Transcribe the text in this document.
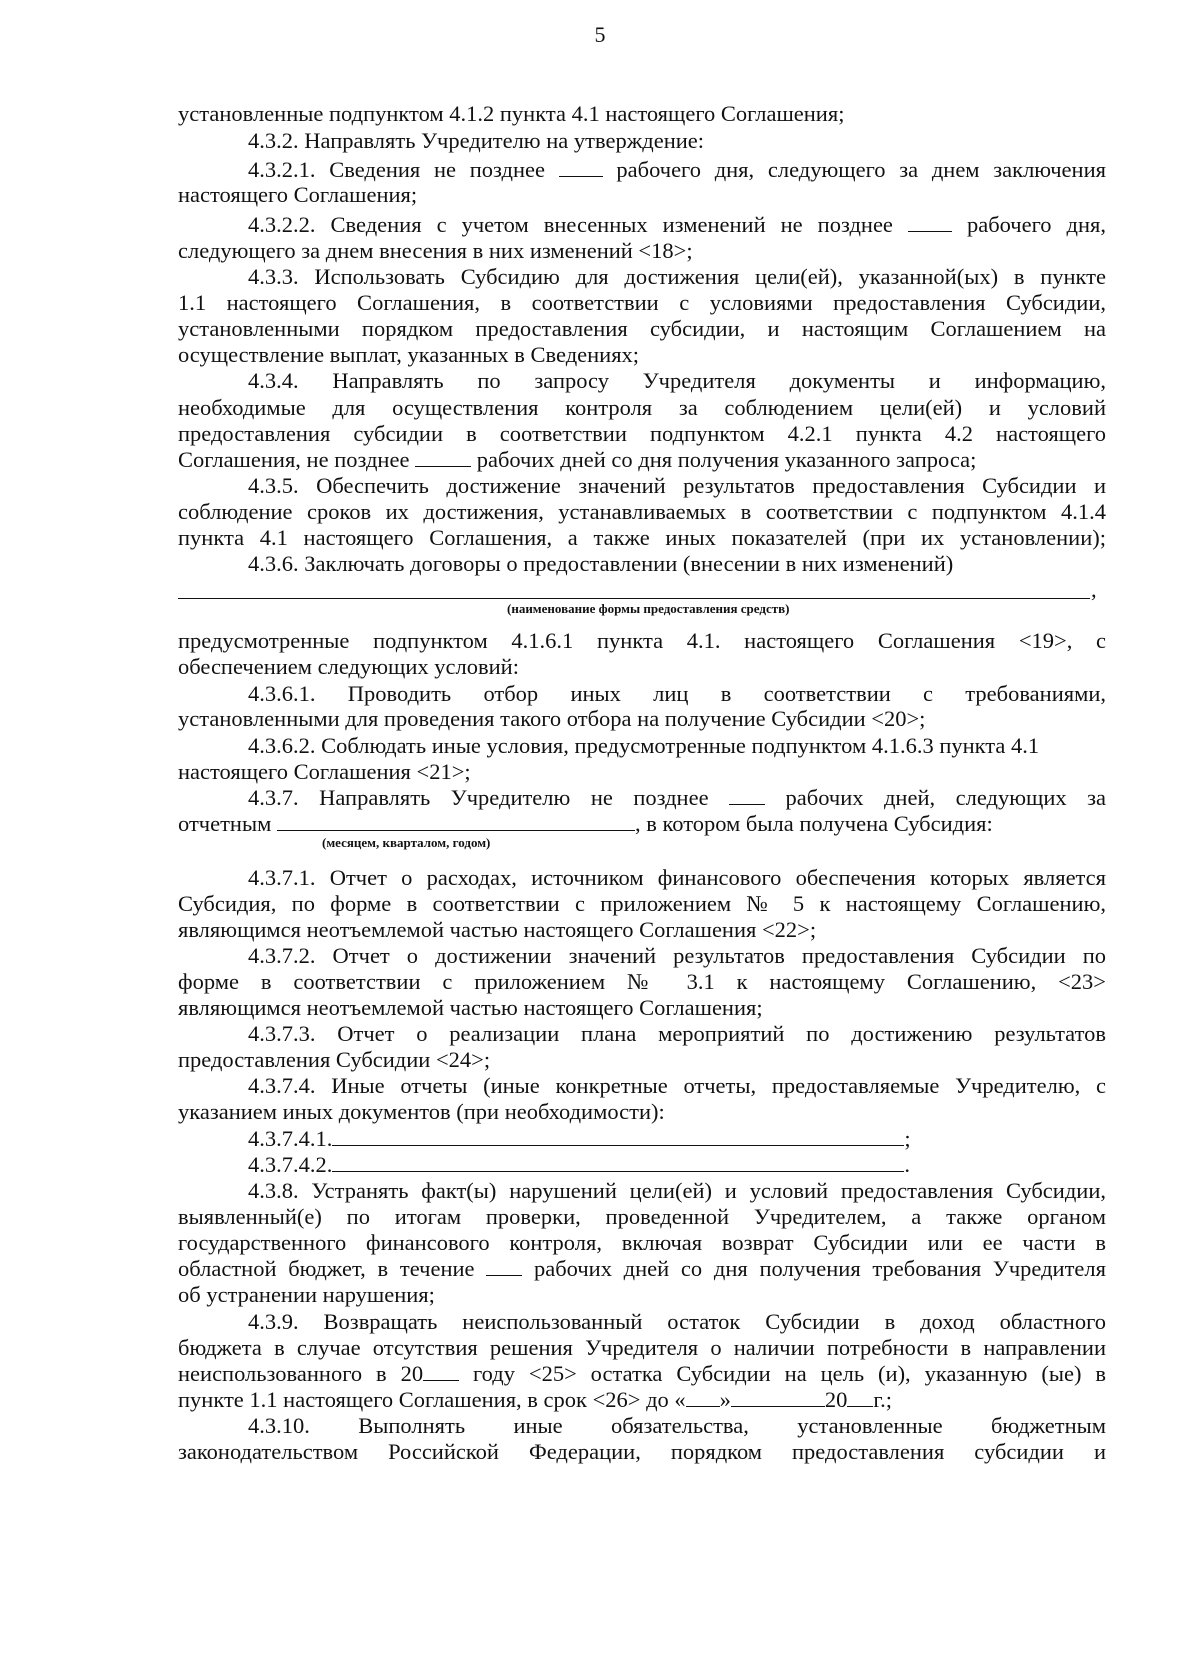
5
установленные подпунктом 4.1.2 пункта 4.1 настоящего Соглашения;
4.3.2. Направлять Учредителю на утверждение:
4.3.2.1. Сведения не позднее	рабочего дня, следующего за днем заключения
настоящего Соглашения;
4.3.2.2. Сведения с учетом внесенных изменений не позднее	рабочего дня,
следующего за днем внесения в них изменений <18>;
4.3.3. Использовать Субсидию для достижения цели(ей), указанной(ых) в пункте
1.1 настоящего Соглашения, в соответствии с условиями предоставления Субсидии,
установленными порядком предоставления субсидии, и настоящим Соглашением на
осуществление выплат, указанных в Сведениях;
4.3.4. Направлять по запросу Учредителя документы и информацию,
необходимые для осуществления контроля за соблюдением цели(ей) и условий
предоставления субсидии в соответствии подпунктом 4.2.1 пункта 4.2 настоящего
Соглашения, не позднее	рабочих дней со дня получения указанного запроса;
4.3.5. Обеспечить достижение значений результатов предоставления Субсидии и
соблюдение сроков их достижения, устанавливаемых в соответствии с подпунктом 4.1.4
пункта 4.1 настоящего Соглашения, а также иных показателей (при их установлении);
4.3.6. Заключать договоры о предоставлении (внесении в них изменений)
,
(наименование формы предоставления средств)
предусмотренные подпунктом 4.1.6.1 пункта 4.1. настоящего Соглашения <19>, с
обеспечением следующих условий:
4.3.6.1. Проводить отбор иных лиц в соответствии с требованиями,
установленными для проведения такого отбора на получение Субсидии <20>;
4.3.6.2. Соблюдать иные условия, предусмотренные подпунктом 4.1.6.3 пункта 4.1
настоящего Соглашения <21>;
4.3.7. Направлять Учредителю не позднее	рабочих дней, следующих за
отчетным	, в котором была получена Субсидия:
(месяцем, кварталом, годом)
4.3.7.1. Отчет о расходах, источником финансового обеспечения которых является
Субсидия, по форме в соответствии с приложением № 5 к настоящему Соглашению,
являющимся неотъемлемой частью настоящего Соглашения <22>;
4.3.7.2. Отчет о достижении значений результатов предоставления Субсидии по
форме в соответствии с приложением № 3.1 к настоящему Соглашению, <23>
являющимся неотъемлемой частью настоящего Соглашения;
4.3.7.3. Отчет о реализации плана мероприятий по достижению результатов
предоставления Субсидии <24>;
4.3.7.4. Иные отчеты (иные конкретные отчеты, предоставляемые Учредителю, с
указанием иных документов (при необходимости):
4.3.7.4.1.	;
4.3.7.4.2.	.
4.3.8. Устранять факт(ы) нарушений цели(ей) и условий предоставления Субсидии,
выявленный(е) по итогам проверки, проведенной Учредителем, а также органом
государственного финансового контроля, включая возврат Субсидии или ее части в
областной бюджет, в течение	рабочих дней со дня получения требования Учредителя
об устранении нарушения;
4.3.9. Возвращать неиспользованный остаток Субсидии в доход областного
бюджета в случае отсутствия решения Учредителя о наличии потребности в направлении
неиспользованного в 20 году <25> остатка Субсидии на цель (и), указанную (ые) в
пункте 1.1 настоящего Соглашения, в срок <26> до « »	20 г.;
4.3.10. Выполнять иные обязательства, установленные бюджетным
законодательством Российской Федерации, порядком предоставления субсидии и
